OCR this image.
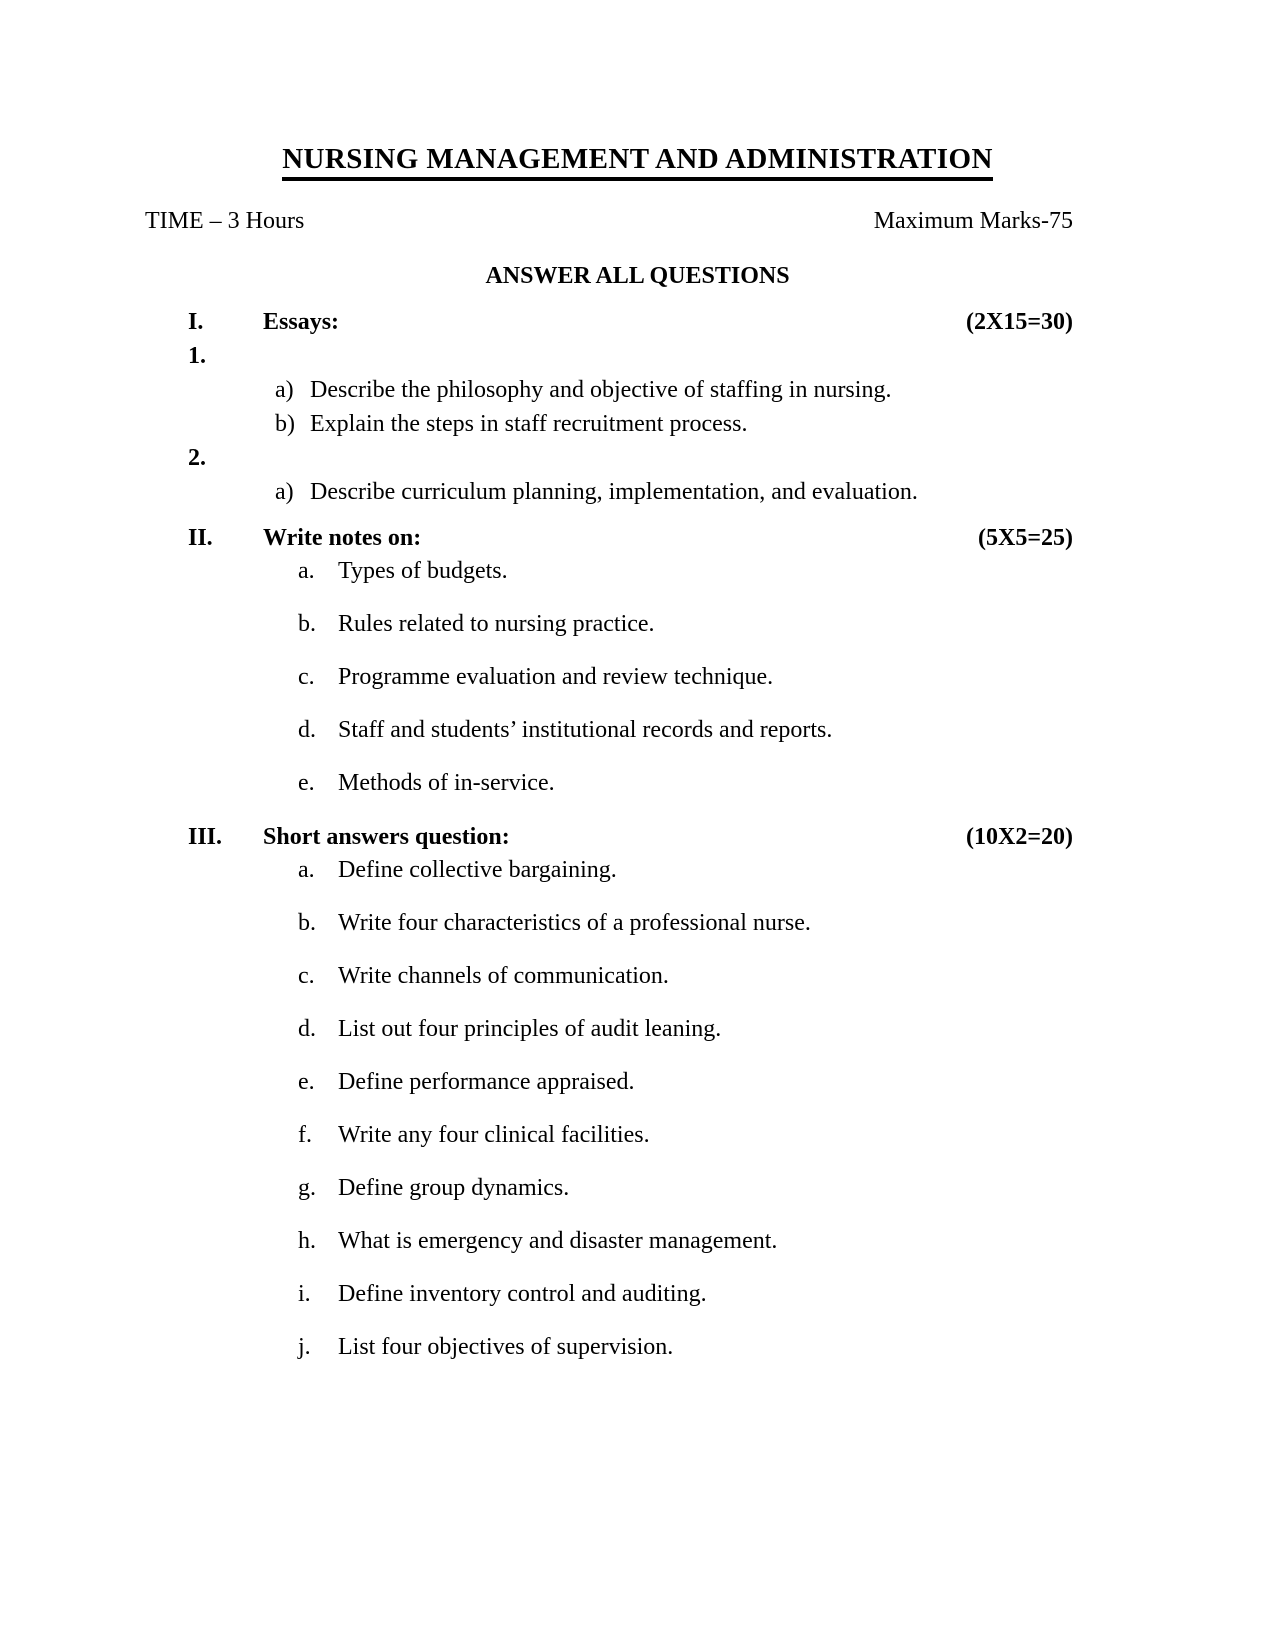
NURSING MANAGEMENT AND ADMINISTRATION
TIME – 3 Hours	Maximum Marks-75
ANSWER ALL QUESTIONS
I.	Essays:	(2X15=30)
1.
a) Describe the philosophy and objective of staffing in nursing.
b) Explain the steps in staff recruitment process.
2.
a) Describe curriculum planning, implementation, and evaluation.
II.	Write notes on:	(5X5=25)
a. Types of budgets.
b. Rules related to nursing practice.
c. Programme evaluation and review technique.
d. Staff and students’ institutional records and reports.
e. Methods of in-service.
III.	Short answers question:	(10X2=20)
a. Define collective bargaining.
b. Write four characteristics of a professional nurse.
c. Write channels of communication.
d. List out four principles of audit leaning.
e. Define performance appraised.
f.	Write any four clinical facilities.
g. Define group dynamics.
h. What is emergency and disaster management.
i.	Define inventory control and auditing.
j.	List four objectives of supervision.
